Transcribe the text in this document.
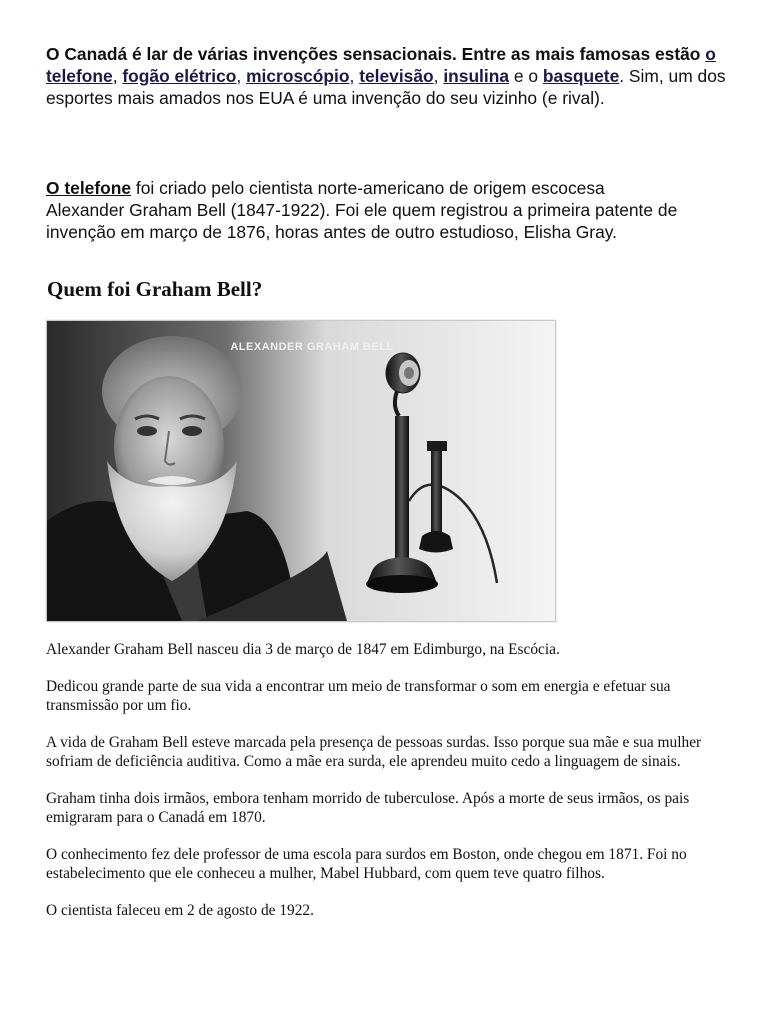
O Canadá é lar de várias invenções sensacionais. Entre as mais famosas estão o telefone, fogão elétrico, microscópio, televisão, insulina e o basquete. Sim, um dos esportes mais amados nos EUA é uma invenção do seu vizinho (e rival).

O telefone foi criado pelo cientista norte-americano de origem escocesa Alexander Graham Bell (1847-1922). Foi ele quem registrou a primeira patente de invenção em março de 1876, horas antes de outro estudioso, Elisha Gray.

Quem foi Graham Bell?
ALEXANDER GRAHAM BELL

Alexander Graham Bell nasceu dia 3 de março de 1847 em Edimburgo, na Escócia.

Dedicou grande parte de sua vida a encontrar um meio de transformar o som em energia e efetuar sua transmissão por um fio.

A vida de Graham Bell esteve marcada pela presença de pessoas surdas. Isso porque sua mãe e sua mulher sofriam de deficiência auditiva. Como a mãe era surda, ele aprendeu muito cedo a linguagem de sinais.

Graham tinha dois irmãos, embora tenham morrido de tuberculose. Após a morte de seus irmãos, os pais emigraram para o Canadá em 1870.

O conhecimento fez dele professor de uma escola para surdos em Boston, onde chegou em 1871. Foi no estabelecimento que ele conheceu a mulher, Mabel Hubbard, com quem teve quatro filhos.

O cientista faleceu em 2 de agosto de 1922.
